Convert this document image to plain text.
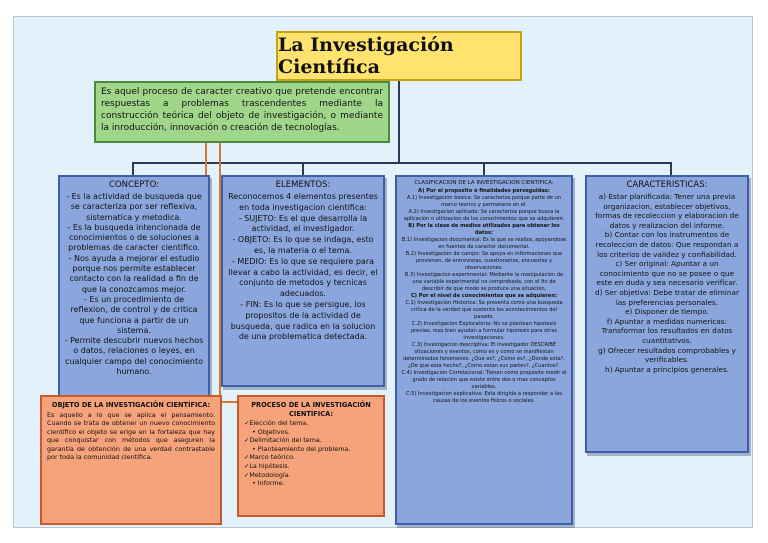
La Investigación Científica
Es aquel proceso de caracter creativo que pretende encontrar respuestas a problemas trascendentes mediante la construcción teórica del objeto de investigación, o mediante la inroducción, innovación o creación de tecnologías.
CONCEPTO:

- Es la actividad de busqueda que se caracteriza por ser reflexiva, sistematica y metodica.

- Es la busqueda intencionada de conocimientos o de soluciones a problemas de caracter cientifico.

- Nos ayuda a mejorar el estudio porque nos permite establecer contacto con la realidad a fin de que la conozcamos mejor.

- Es un procedimiento de reflexion, de control y de critica que funciona a partir de un sistema.

- Permite descubrir nuevos hechos o datos, relaciones o leyes, en cualquier campo del conocimiento humano.

ELEMENTOS:

Reconocemos 4 elementos presentes en toda investigacion cientifica:

- SUJETO: Es el que desarrolla la actividad, el investigador.

- OBJETO: Es lo que se indaga, esto es, la materia o el tema.

- MEDIO: Es lo que se requiere para llevar a cabo la actividad, es decir, el conjunto de metodos y tecnicas adecuados.

- FIN: Es lo que se persigue, los propositos de la actividad de busqueda, que radica en la solucion de una problematica detectada.

CLASIFICACION DE LA INVESTIGACION CIENTIFICA:

A) Por el proposito o finalidades perseguidas:

A.1) Investigacion basica: Se caracteriza porque parte de un marco teorico y permanece en el.

A.2) Investigacion aplicada: Se caracteriza porque busca la aplicacion o utilizacion de los conocimientos que se adquieren.

B) Por la clase de medios utilizados para obtener los datos:

B.1) Investigacion documental: Es la que se realiza, apoyandose en fuentes de caracter documental.

B.2) Investigacion de campo: Se apoya en informaciones que provienen, de entrevistas, cuestionarios, encuestas y observaciones.

B.3) Investigacion experimental: Mediante la manipulacion de una variable experimental no comprobada, con el fin de describir de que modo se produce una situacion.

C) Por el nivel de conocimientos que se adquieren:

C.1) Investigacion Historica: Se presenta como una busqueda critica de la verdad que sustenta los acontecimientos del pasado.

C.2) Investigacion Exploratoria: No se plantean hipotesis previas, mas bien ayudan a formular hipotesis para otras investigaciones.

C.3) Investigacion descriptiva: El investigador DESCRIBE situaciones y eventos, como es y como se manifiestan determinados fenomenos. ¿Que es?, ¿Como es?, ¿Donde esta?, ¿De que esta hecho?, ¿Como estan sus partes?, ¿Cuantos?.

C.4) Investigacion Correlacional: Tienen como proposito medir el grado de relacion que existe entre dos o mas conceptos variables.

C.5) Investigacion explicativa: Esta dirigida a responder a las causas de los eventos fisicos o sociales.

CARACTERISTICAS:

a) Estar planificada: Tener una previa organizacion, establecer objetivos, formas de recoleccion y elaboracion de datos y realizacion del informe.

b) Contar con los instrumentos de recoleccion de datos: Que respondan a los criterios de validez y confiabilidad.

c) Ser original: Apuntar a un conocimiento que no se posee o que este en duda y sea necesario verificar.

d) Ser objetiva: Debe tratar de eliminar las preferencias personales.

e) Disponer de tiempo.

f) Apuntar a medidas numericas: Transformar los resultados en datos cuantitativos.

g) Ofrecer resultados comprobables y verificables.

h) Apuntar a principios generales.

OBJETO DE LA INVESTIGACIÓN CIENTÍFICA:

Es aquello a lo que se aplica el pensamiento. Cuando se trata de obtener un nuevo conocimiento científico el objeto se erige en la fortaleza que hay que conquistar con métodos que aseguren la garantía de obtención de una verdad contrastable por toda la comunidad científica.

PROCESO DE LA INVESTIGACIÓN CIENTÍFICA:

✓Elección del tema.

• Objetivos.

✓Delimitación del tema.

• Planteamiento del problema.

✓Marco teórico.

✓La hipótesis.

✓Metodología.

• Informe.
